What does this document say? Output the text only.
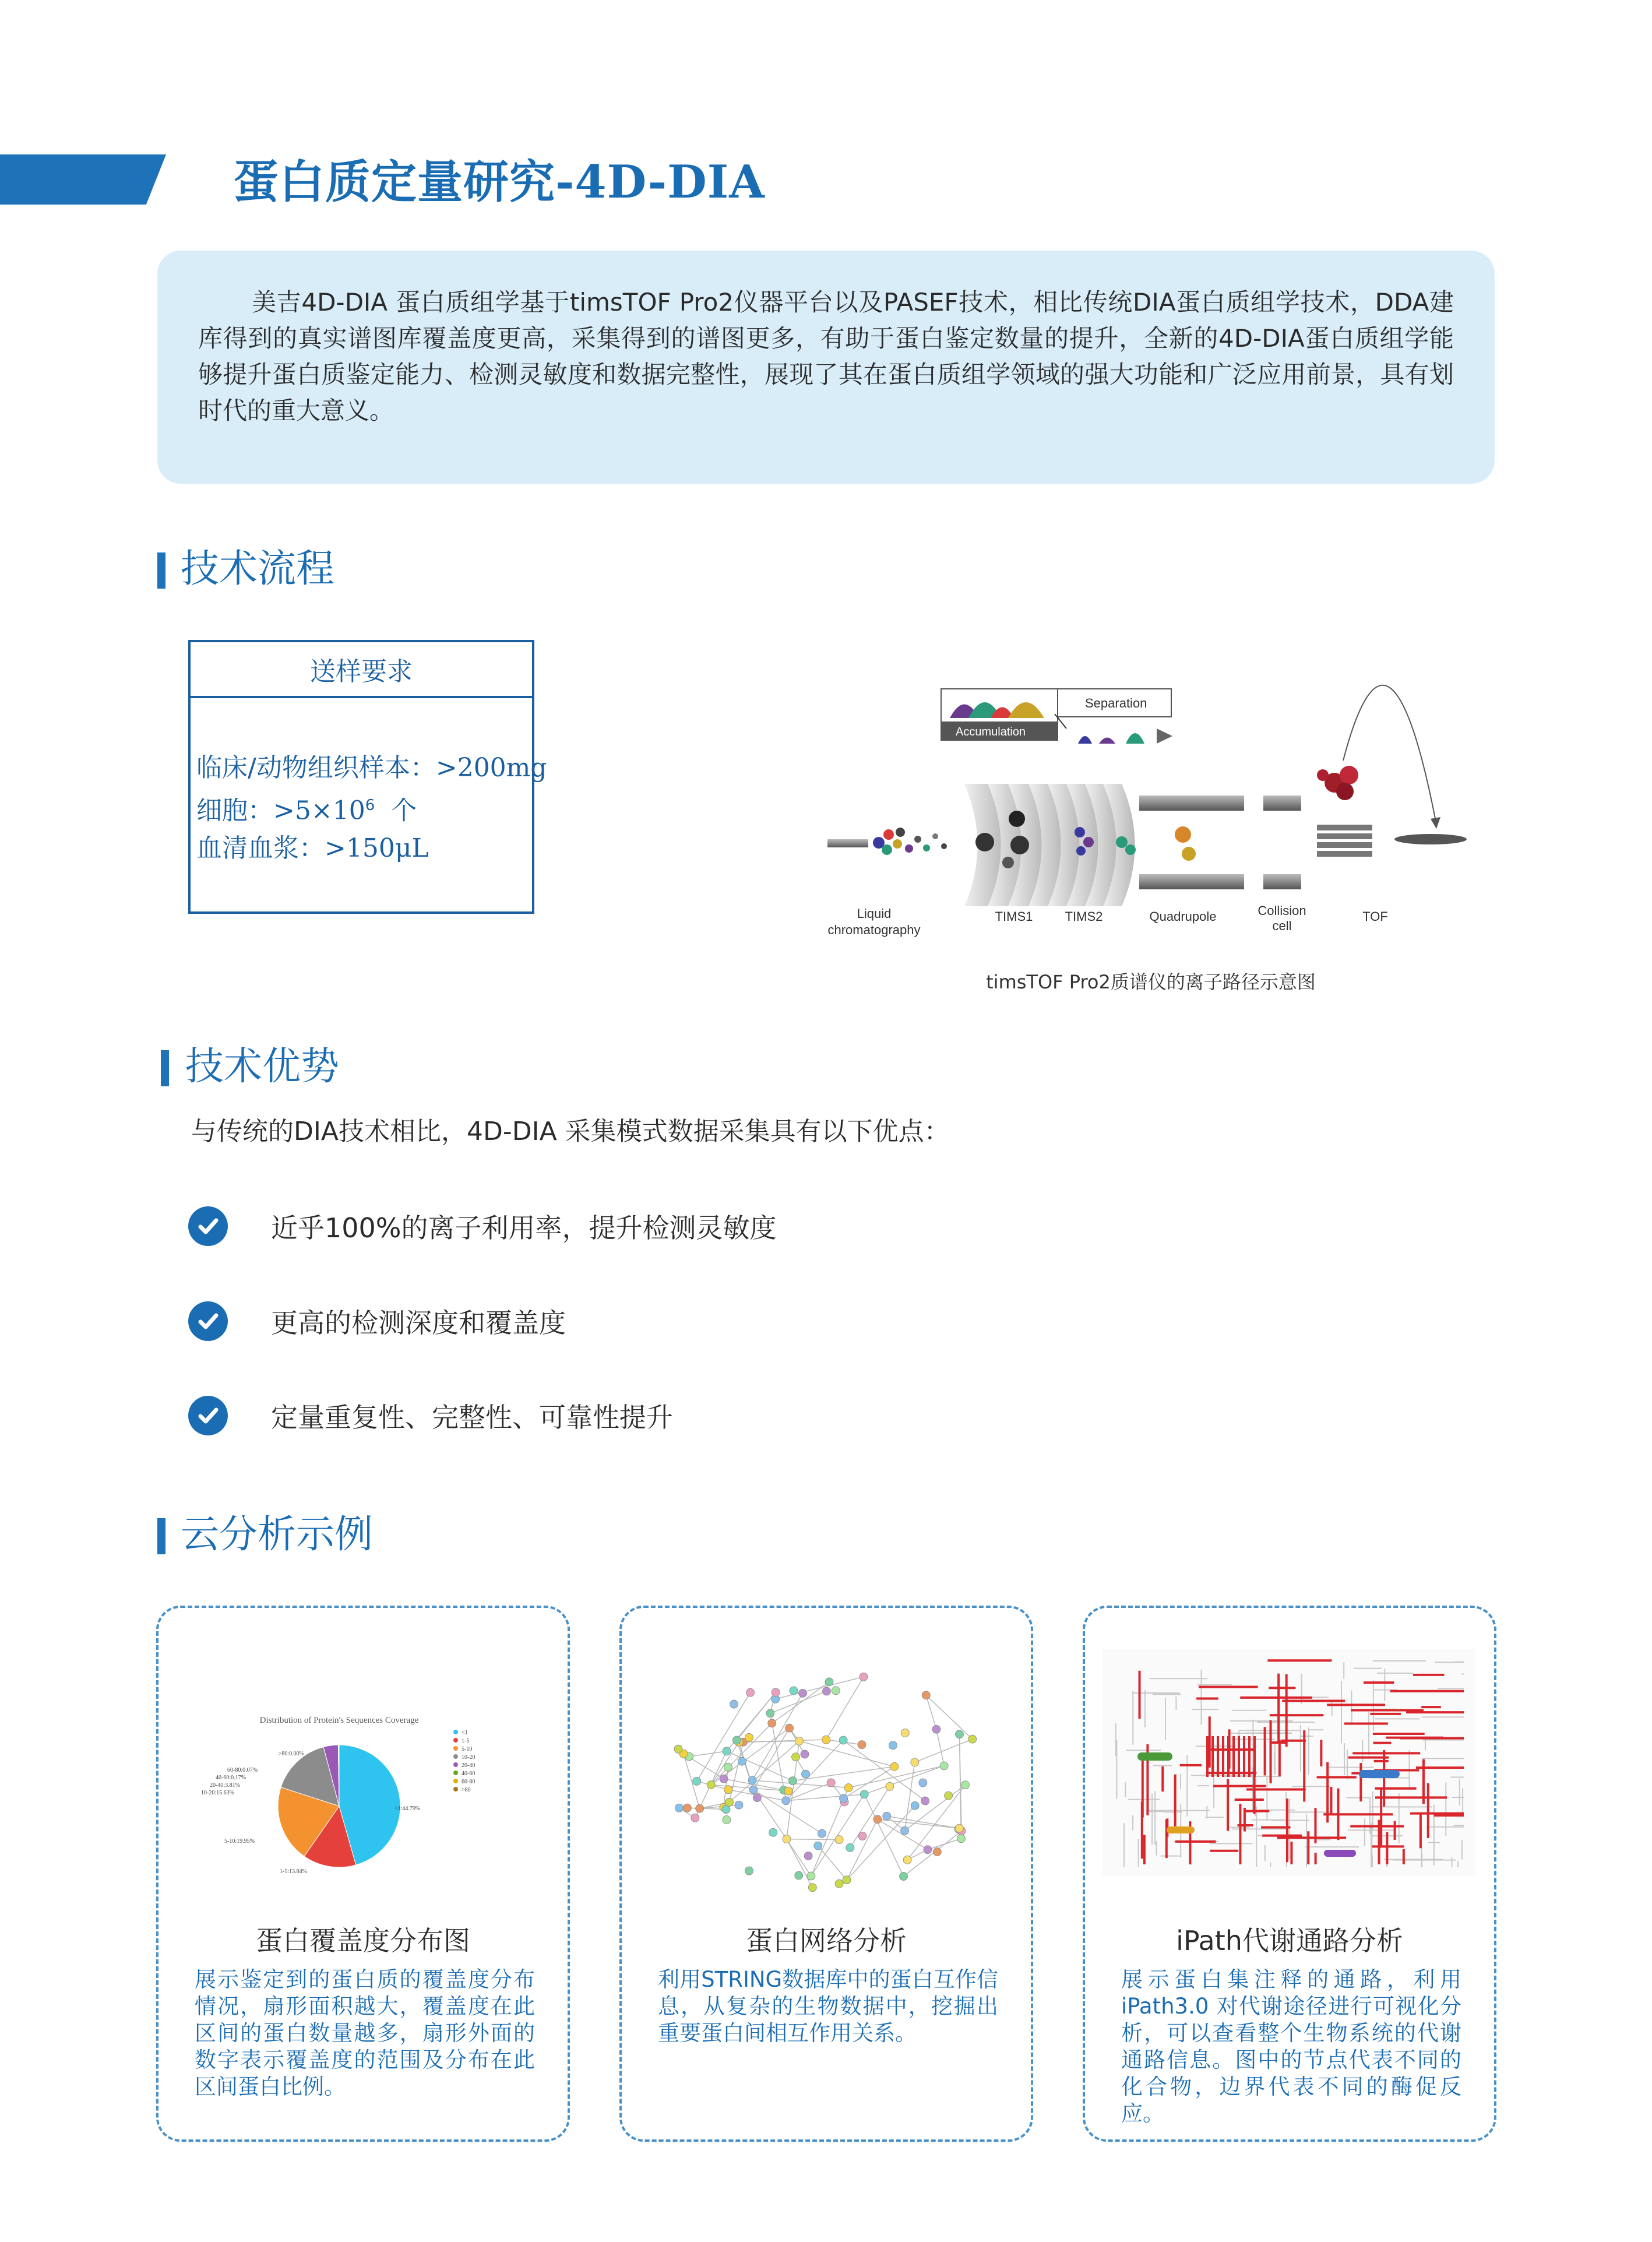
蛋白质定量研究-4D-DIA

美吉4D-DIA 蛋白质组学基于timsTOF Pro2仪器平台以及PASEF技术，相比传统DIA蛋白质组学技术，DDA建库得到的真实谱图库覆盖度更高，采集得到的谱图更多，有助于蛋白鉴定数量的提升，全新的4D-DIA蛋白质组学能够提升蛋白质鉴定能力、检测灵敏度和数据完整性，展现了其在蛋白质组学领域的强大功能和广泛应用前景，具有划时代的重大意义。

技术流程
送样要求
临床/动物组织样本：>200mg
细胞：$>5\times 10^6$  个
血清血浆：>150μL
Accumulation
Separation
Liquid
chromatography
TIMS1	TIMS2	Quadrupole	Collision
cell
TOF
timsTOF Pro2质谱仪的离子路径示意图
技术优势
与传统的DIA技术相比，4D-DIA 采集模式数据采集具有以下优点：
近乎100%的离子利用率，提升检测灵敏度
更高的检测深度和覆盖度
定量重复性、完整性、可靠性提升
云分析示例
Distribution of Protein's Sequences Coverage
<1:44.79%
1-5:13.84%
5-10:19.95%
10-20:15.63%
20-40:3.81%
40-60:0.17%
60-80:0.07%
>80:0.00%
<1
1-5
5-10
10-20
20-40
40-60
60-80
>80
蛋白覆盖度分布图
展示鉴定到的蛋白质的覆盖度分布情况，扇形面积越大，覆盖度在此区间的蛋白数量越多，扇形外面的数字表示覆盖度的范围及分布在此区间蛋白比例。
蛋白网络分析
利用STRING数据库中的蛋白互作信息，从复杂的生物数据中，挖掘出重要蛋白间相互作用关系。
iPath代谢通路分析
展示蛋白集注释的通路，利用iPath3.0 对代谢途径进行可视化分析，可以查看整个生物系统的代谢通路信息。图中的节点代表不同的化合物，边界代表不同的酶促反应。
